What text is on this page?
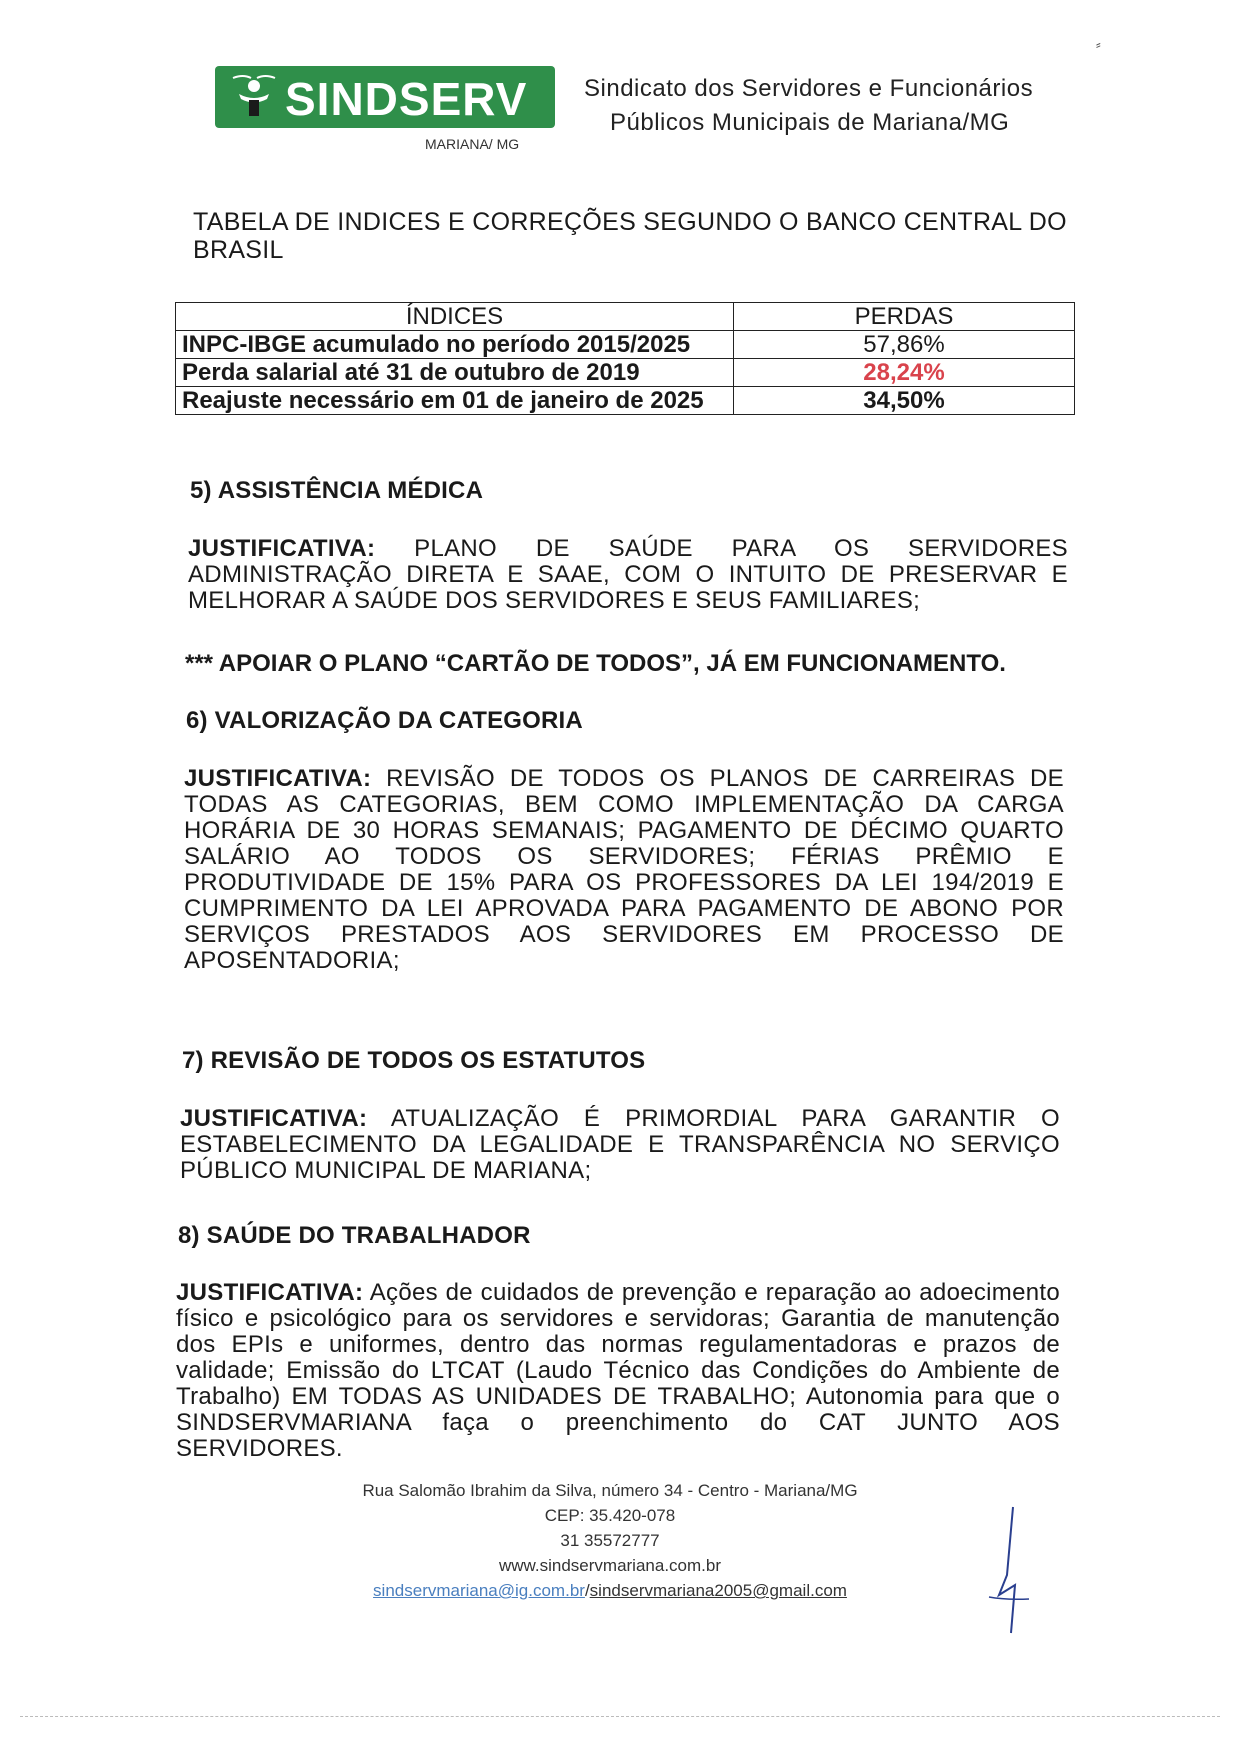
SINDSERV
MARIANA/ MG
Sindicato dos Servidores e Funcionários
Públicos Municipais de Mariana/MG
⸗
TABELA DE INDICES E CORREÇÕES SEGUNDO O BANCO CENTRAL DO BRASIL
ÍNDICES	PERDAS
INPC-IBGE acumulado no período 2015/2025	57,86%
Perda salarial até 31 de outubro de 2019	28,24%
Reajuste necessário em 01 de janeiro de 2025	34,50%
5) ASSISTÊNCIA MÉDICA
JUSTIFICATIVA: PLANO DE SAÚDE PARA OS SERVIDORES ADMINISTRAÇÃO DIRETA E SAAE, COM O INTUITO DE PRESERVAR E MELHORAR A SAÚDE DOS SERVIDORES E SEUS FAMILIARES;
*** APOIAR O PLANO “CARTÃO DE TODOS”, JÁ EM FUNCIONAMENTO.
6) VALORIZAÇÃO DA CATEGORIA
JUSTIFICATIVA: REVISÃO DE TODOS OS PLANOS DE CARREIRAS DE TODAS AS CATEGORIAS, BEM COMO IMPLEMENTAÇÃO DA CARGA HORÁRIA DE 30 HORAS SEMANAIS; PAGAMENTO DE DÉCIMO QUARTO SALÁRIO AO TODOS OS SERVIDORES; FÉRIAS PRÊMIO E PRODUTIVIDADE DE 15% PARA OS PROFESSORES DA LEI 194/2019 E CUMPRIMENTO DA LEI APROVADA PARA PAGAMENTO DE ABONO POR SERVIÇOS PRESTADOS AOS SERVIDORES EM PROCESSO DE APOSENTADORIA;
7) REVISÃO DE TODOS OS ESTATUTOS
JUSTIFICATIVA: ATUALIZAÇÃO É PRIMORDIAL PARA GARANTIR O ESTABELECIMENTO DA LEGALIDADE E TRANSPARÊNCIA NO SERVIÇO PÚBLICO MUNICIPAL DE MARIANA;
8) SAÚDE DO TRABALHADOR
JUSTIFICATIVA: Ações de cuidados de prevenção e reparação ao adoecimento físico e psicológico para os servidores e servidoras; Garantia de manutenção dos EPIs e uniformes, dentro das normas regulamentadoras e prazos de validade; Emissão do LTCAT (Laudo Técnico das Condições do Ambiente de Trabalho) EM TODAS AS UNIDADES DE TRABALHO; Autonomia para que o SINDSERVMARIANA faça o preenchimento do CAT JUNTO AOS SERVIDORES.
Rua Salomão Ibrahim da Silva, número 34 - Centro - Mariana/MG
CEP: 35.420-078
31 35572777
www.sindservmariana.com.br
sindservmariana@ig.com.br/sindservmariana2005@gmail.com
